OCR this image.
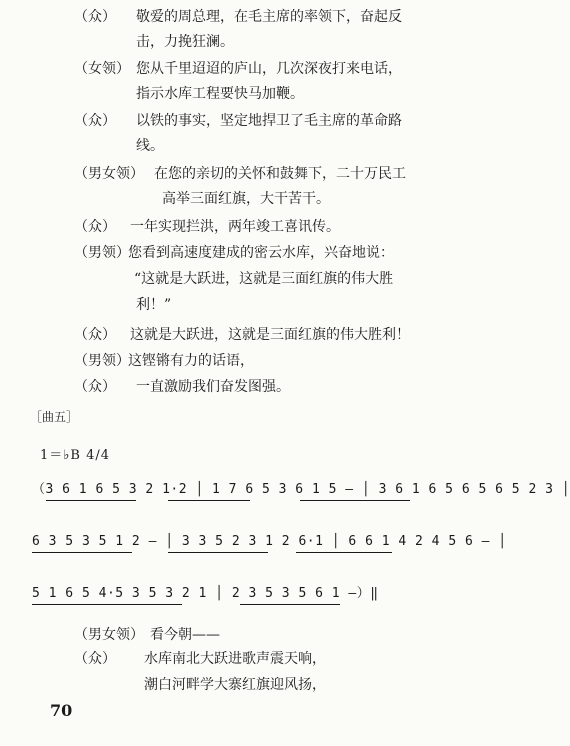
（众） 敬爱的周总理，在毛主席的率领下，奋起反
击，力挽狂澜。
（女领） 您从千里迢迢的庐山，几次深夜打来电话，
指示水库工程要快马加鞭。
（众） 以铁的事实，坚定地捍卫了毛主席的革命路
线。
（男女领） 在您的亲切的关怀和鼓舞下，二十万民工
高举三面红旗，大干苦干。
（众） 一年实现拦洪，两年竣工喜讯传。
（男领）
您看到高速度建成的密云水库，兴奋地说：
“这就是大跃进，这就是三面红旗的伟大胜
利！”
（众） 这就是大跃进，这就是三面红旗的伟大胜利！
（男领）
这铿锵有力的话语，
（众） 一直激励我们奋发图强。
［曲五］
1＝♭B 4/4
（3 6 1 6 5 3 2 1·2 │ 1 7 6 5 3 6 1 5 — │ 3 6 1 6 5 6 5 6 5 2 3 │
6 3 5 3 5 1 2 — │ 3 3 5 2 3 1 2 6·1 │ 6 6 1 4 2 4 5 6 — │
5 1 6 5 4·5 3 5 3 2 1 │ 2 3 5 3 5 6 1 —）‖
（男女领） 看今朝——
（众） 水库南北大跃进歌声震天响，
潮白河畔学大寨红旗迎风扬，
70
